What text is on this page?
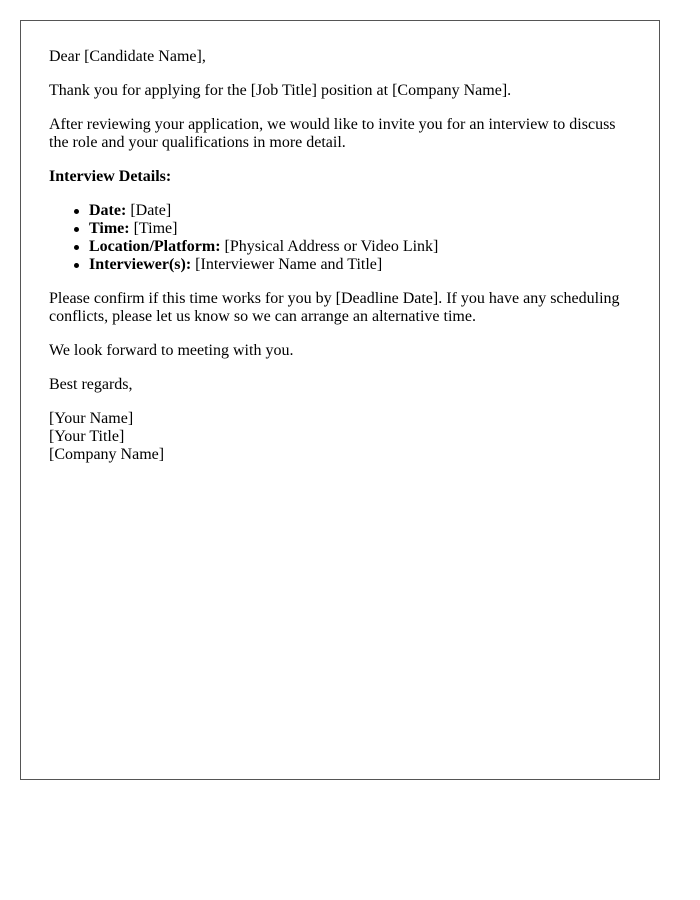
Dear [Candidate Name],

Thank you for applying for the [Job Title] position at [Company Name].

After reviewing your application, we would like to invite you for an interview to discuss the role and your qualifications in more detail.

Interview Details:

Date: [Date]
Time: [Time]
Location/Platform: [Physical Address or Video Link]
Interviewer(s): [Interviewer Name and Title]

Please confirm if this time works for you by [Deadline Date]. If you have any scheduling conflicts, please let us know so we can arrange an alternative time.

We look forward to meeting with you.

Best regards,

[Your Name]
[Your Title]
[Company Name]
